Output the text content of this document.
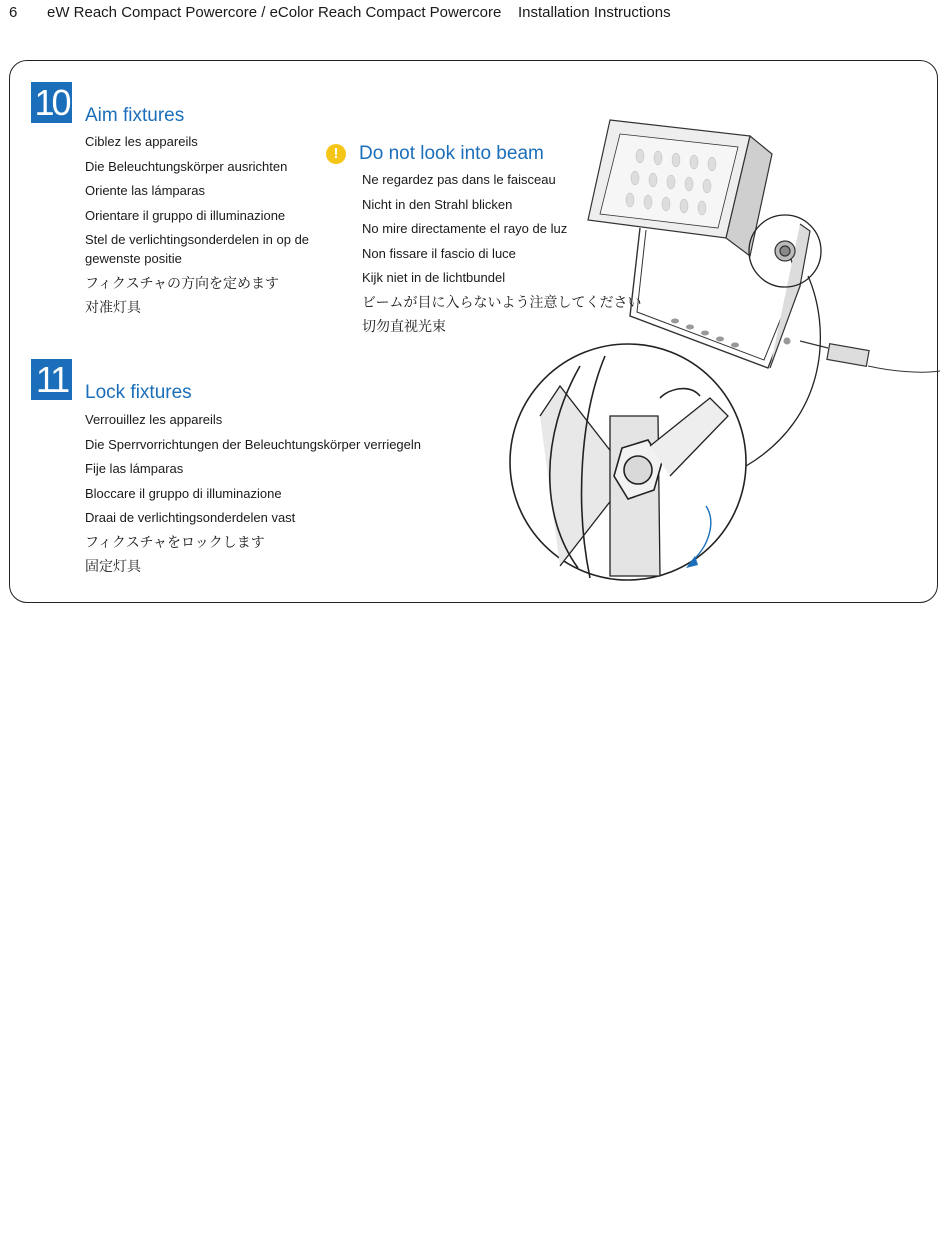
6 eW Reach Compact Powercore / eColor Reach Compact Powercore Installation Instructions
10 Aim fixtures
Ciblez les appareils
Die Beleuchtungskörper ausrichten
Oriente las lámparas
Orientare il gruppo di illuminazione
Stel de verlichtingsonderdelen in op de gewenste positie
フィクスチャの方向を定めます
对准灯具
!	Do not look into beam
Ne regardez pas dans le faisceau
Nicht in den Strahl blicken
No mire directamente el rayo de luz
Non fissare il fascio di luce
Kijk niet in de lichtbundel
ビームが目に入らないよう注意してください
切勿直视光束
11 Lock fixtures
Verrouillez les appareils
Die Sperrvorrichtungen der Beleuchtungskörper verriegeln
Fije las lámparas
Bloccare il gruppo di illuminazione
Draai de verlichtingsonderdelen vast
フィクスチャをロックします
固定灯具
